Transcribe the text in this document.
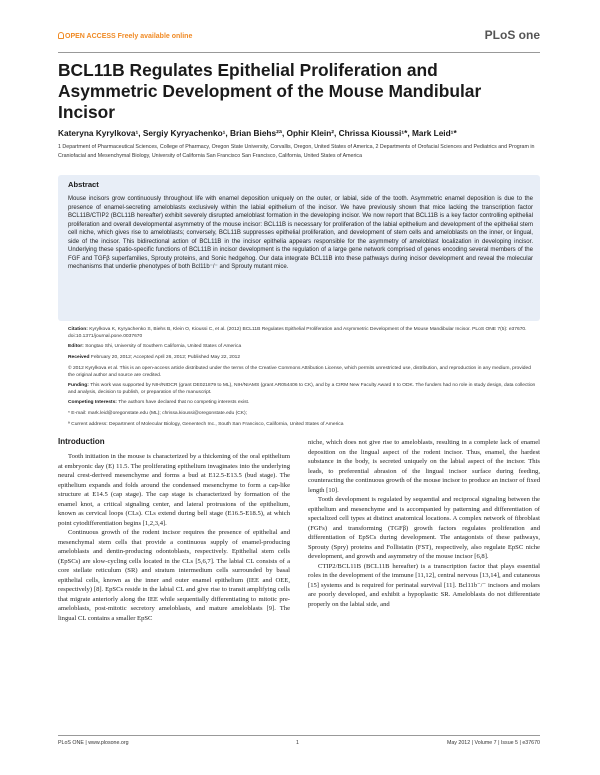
OPEN ACCESS Freely available online	PLoS one
BCL11B Regulates Epithelial Proliferation and Asymmetric Development of the Mouse Mandibular Incisor
Kateryna Kyrylkova¹, Sergiy Kyryachenko¹, Brian Biehs²ª, Ophir Klein², Chrissa Kioussi¹*, Mark Leid¹*
1 Department of Pharmaceutical Sciences, College of Pharmacy, Oregon State University, Corvallis, Oregon, United States of America, 2 Departments of Orofacial Sciences and Pediatrics and Program in Craniofacial and Mesenchymal Biology, University of California San Francisco San Francisco, California, United States of America
Abstract

Mouse incisors grow continuously throughout life with enamel deposition uniquely on the outer, or labial, side of the tooth. Asymmetric enamel deposition is due to the presence of enamel-secreting ameloblasts exclusively within the labial epithelium of the incisor. We have previously shown that mice lacking the transcription factor BCL11B/CTIP2 (BCL11B hereafter) exhibit severely disrupted ameloblast formation in the developing incisor. We now report that BCL11B is a key factor controlling epithelial proliferation and overall developmental asymmetry of the mouse incisor: BCL11B is necessary for proliferation of the labial epithelium and development of the epithelial stem cell niche, which gives rise to ameloblasts; conversely, BCL11B suppresses epithelial proliferation, and development of stem cells and ameloblasts on the inner, or lingual, side of the incisor. This bidirectional action of BCL11B in the incisor epithelia appears responsible for the asymmetry of ameloblast localization in developing incisor. Underlying these spatio-specific functions of BCL11B in incisor development is the regulation of a large gene network comprised of genes encoding several members of the FGF and TGFβ superfamilies, Sprouty proteins, and Sonic hedgehog. Our data integrate BCL11B into these pathways during incisor development and reveal the molecular mechanisms that underlie phenotypes of both Bcl11b⁻/⁻ and Sprouty mutant mice.

Citation: Kyrylkova K, Kyryachenko S, Biehs B, Klein O, Kioussi C, et al. (2012) BCL11B Regulates Epithelial Proliferation and Asymmetric Development of the Mouse Mandibular Incisor. PLoS ONE 7(5): e37670. doi:10.1371/journal.pone.0037670

Editor: Songtao Shi, University of Southern California, United States of America

Received February 20, 2012; Accepted April 26, 2012; Published May 22, 2012

© 2012 Kyrylkova et al. This is an open-access article distributed under the terms of the Creative Commons Attribution License, which permits unrestricted use, distribution, and reproduction in any medium, provided the original author and source are credited.

Funding: This work was supported by NIH/NIDCR (grant DE021879 to ML), NIH/NIAMS (grant AR054406 to CK), and by a CIRM New Faculty Award II to ODK. The funders had no role in study design, data collection and analysis, decision to publish, or preparation of the manuscript.

Competing Interests: The authors have declared that no competing interests exist.

* E-mail: mark.leid@oregonstate.edu (ML); chrissa.kioussi@oregonstate.edu (CK);

ª Current address: Department of Molecular Biology, Genentech Inc., South San Francisco, California, United States of America

Introduction

Tooth initiation in the mouse is characterized by a thickening of the oral epithelium at embryonic day (E) 11.5. The proliferating epithelium invaginates into the underlying neural crest-derived mesenchyme and forms a bud at E12.5-E13.5 (bud stage). The epithelium expands and folds around the condensed mesenchyme to form a cap-like structure at E14.5 (cap stage). The cap stage is characterized by formation of the enamel knot, a critical signaling center, and lateral protrusions of the epithelium, known as cervical loops (CLs). CLs extend during bell stage (E16.5-E18.5), at which point cytodifferentiation begins [1,2,3,4].

Continuous growth of the rodent incisor requires the presence of epithelial and mesenchymal stem cells that provide a continuous supply of enamel-producing ameloblasts and dentin-producing odontoblasts, respectively. Epithelial stem cells (EpSCs) are slow-cycling cells located in the CLs [5,6,7]. The labial CL consists of a core stellate reticulum (SR) and stratum intermedium cells surrounded by basal epithelial cells, known as the inner and outer enamel epithelium (IEE and OEE, respectively) [8]. EpSCs reside in the labial CL and give rise to transit amplifying cells that migrate anteriorly along the IEE while sequentially differentiating to mitotic pre-ameloblasts, post-mitotic secretory ameloblasts, and mature ameloblasts [9]. The lingual CL contains a smaller EpSC

niche, which does not give rise to ameloblasts, resulting in a complete lack of enamel deposition on the lingual aspect of the rodent incisor. Thus, enamel, the hardest substance in the body, is secreted uniquely on the labial aspect of the incisor. This leads, to preferential abrasion of the lingual incisor surface during feeding, counteracting the continuous growth of the mouse incisor to produce an incisor of fixed length [10].

Tooth development is regulated by sequential and reciprocal signaling between the epithelium and mesenchyme and is accompanied by patterning and differentiation of specialized cell types at distinct anatomical locations. A complex network of fibroblast (FGFs) and transforming (TGFβ) growth factors regulates proliferation and differentiation of EpSCs during development. The antagonists of these pathways, Sprouty (Spry) proteins and Follistatin (FST), respectively, also regulate EpSC niche development, and growth and asymmetry of the mouse incisor [6,8].

CTIP2/BCL11B (BCL11B hereafter) is a transcription factor that plays essential roles in the development of the immune [11,12], central nervous [13,14], and cutaneous [15] systems and is required for perinatal survival [11]. Bcl11b⁻/⁻ incisors and molars are poorly developed, and exhibit a hypoplastic SR. Ameloblasts do not differentiate properly on the labial side, and

PLoS ONE | www.plosone.org	1	May 2012 | Volume 7 | Issue 5 | e37670
